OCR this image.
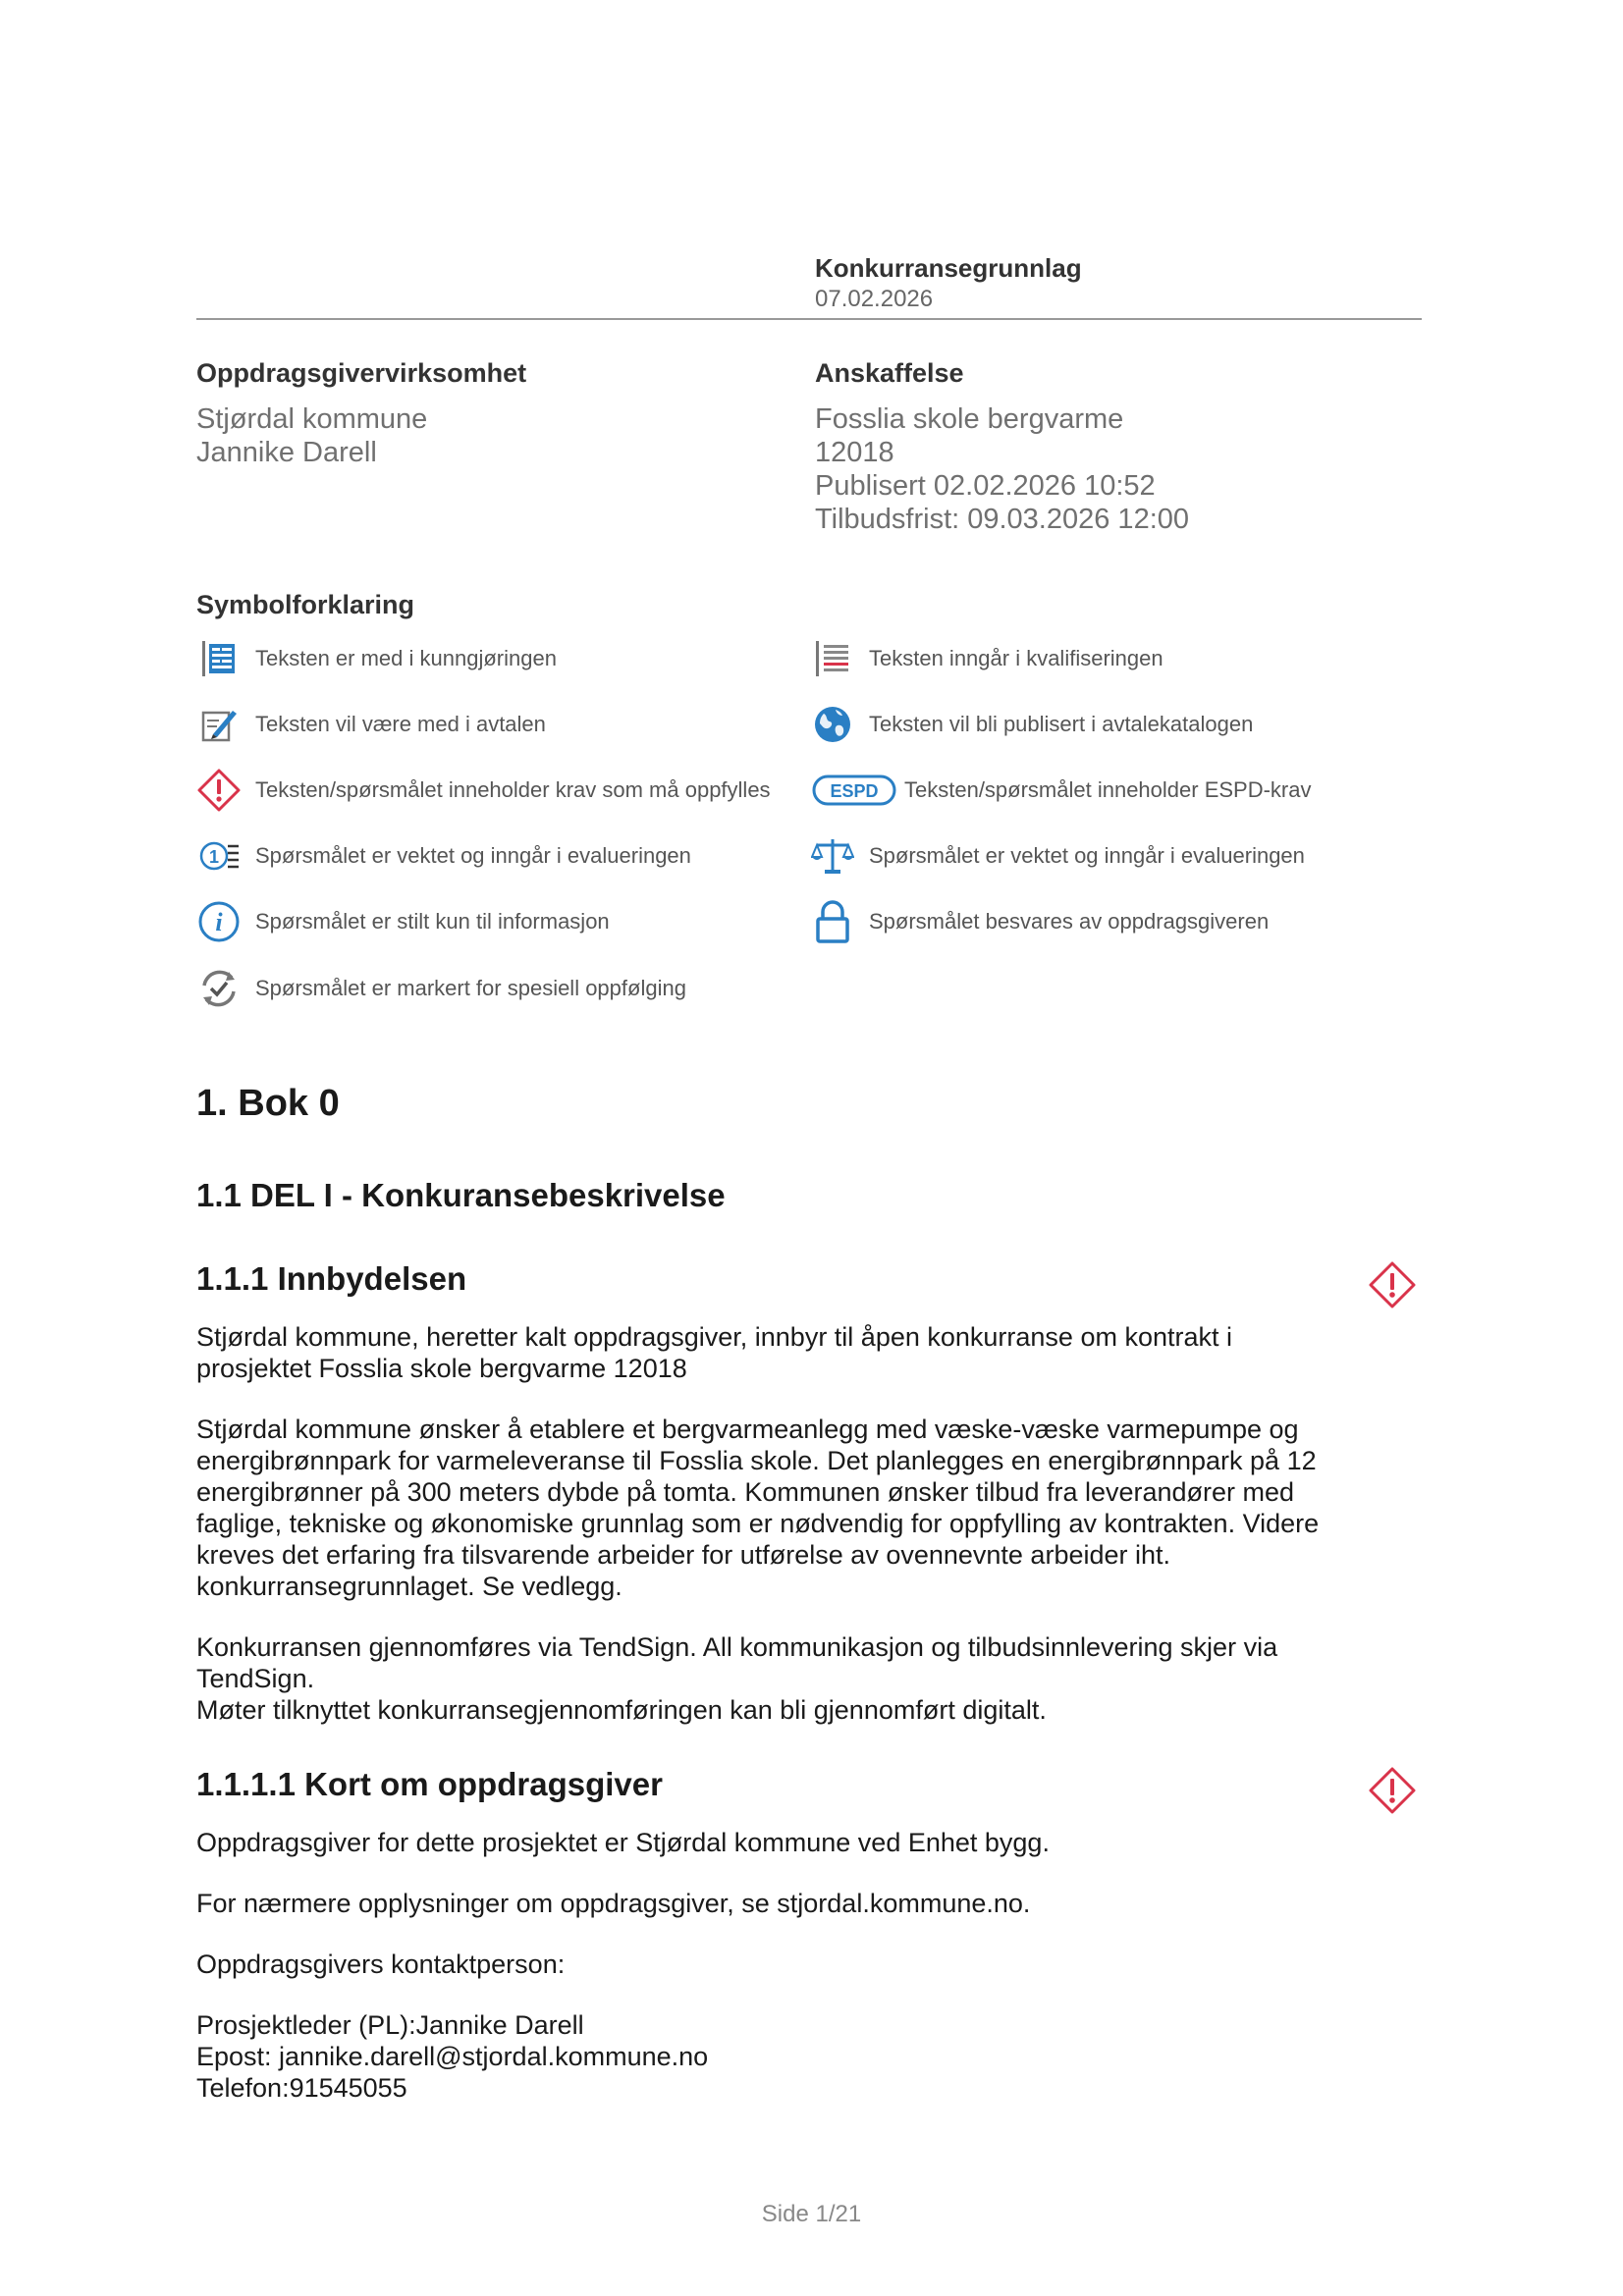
Konkurransegrunnlag
07.02.2026
Oppdragsgivervirksomhet
Stjørdal kommune
Jannike Darell
Anskaffelse
Fosslia skole bergvarme
12018
Publisert 02.02.2026 10:52
Tilbudsfrist: 09.03.2026 12:00
Symbolforklaring
Teksten er med i kunngjøringen
Teksten vil være med i avtalen
Teksten/spørsmålet inneholder krav som må oppfylles
1 Spørsmålet er vektet og inngår i evalueringen
i Spørsmålet er stilt kun til informasjon
Spørsmålet er markert for spesiell oppfølging
Teksten inngår i kvalifiseringen
Teksten vil bli publisert i avtalekatalogen
ESPD Teksten/spørsmålet inneholder ESPD-krav
Spørsmålet er vektet og inngår i evalueringen
Spørsmålet besvares av oppdragsgiveren
1. Bok 0
1.1 DEL I - Konkuransebeskrivelse
1.1.1 Innbydelsen

Stjørdal kommune, heretter kalt oppdragsgiver, innbyr til åpen konkurranse om kontrakt i
prosjektet Fosslia skole bergvarme 12018

Stjørdal kommune ønsker å etablere et bergvarmeanlegg med væske-væske varmepumpe og
energibrønnpark for varmeleveranse til Fosslia skole. Det planlegges en energibrønnpark på 12
energibrønner på 300 meters dybde på tomta. Kommunen ønsker tilbud fra leverandører med
faglige, tekniske og økonomiske grunnlag som er nødvendig for oppfylling av kontrakten. Videre
kreves det erfaring fra tilsvarende arbeider for utførelse av ovennevnte arbeider iht.
konkurransegrunnlaget. Se vedlegg.

Konkurransen gjennomføres via TendSign. All kommunikasjon og tilbudsinnlevering skjer via
TendSign.
Møter tilknyttet konkurransegjennomføringen kan bli gjennomført digitalt.

1.1.1.1 Kort om oppdragsgiver

Oppdragsgiver for dette prosjektet er Stjørdal kommune ved Enhet bygg.

For nærmere opplysninger om oppdragsgiver, se stjordal.kommune.no.

Oppdragsgivers kontaktperson:

Prosjektleder (PL):Jannike Darell
Epost: jannike.darell@stjordal.kommune.no
Telefon:91545055

Side 1/21
